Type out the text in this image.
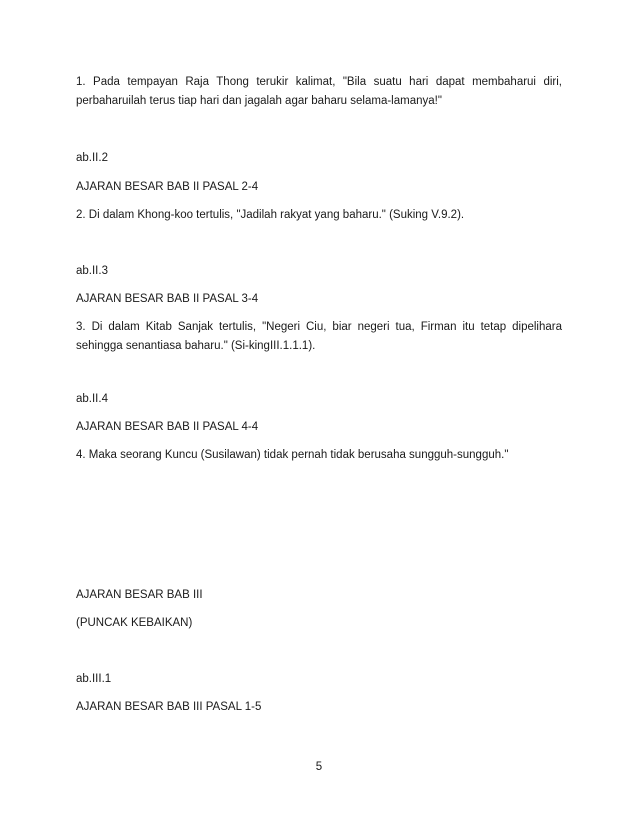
1. Pada tempayan Raja Thong terukir kalimat, "Bila suatu hari dapat membaharui diri, perbaharuilah terus tiap hari dan jagalah agar baharu selama-lamanya!"
ab.II.2
AJARAN BESAR BAB II PASAL 2-4
2. Di dalam Khong-koo tertulis, "Jadilah rakyat yang baharu." (Suking V.9.2).
ab.II.3
AJARAN BESAR BAB II PASAL 3-4
3. Di dalam Kitab Sanjak tertulis, "Negeri Ciu, biar negeri tua, Firman itu tetap dipelihara sehingga senantiasa baharu." (Si-kingIII.1.1.1).
ab.II.4
AJARAN BESAR BAB II PASAL 4-4
4. Maka seorang Kuncu (Susilawan) tidak pernah tidak berusaha sungguh-sungguh."
AJARAN BESAR BAB III
(PUNCAK KEBAIKAN)
ab.III.1
AJARAN BESAR BAB III PASAL 1-5
5
